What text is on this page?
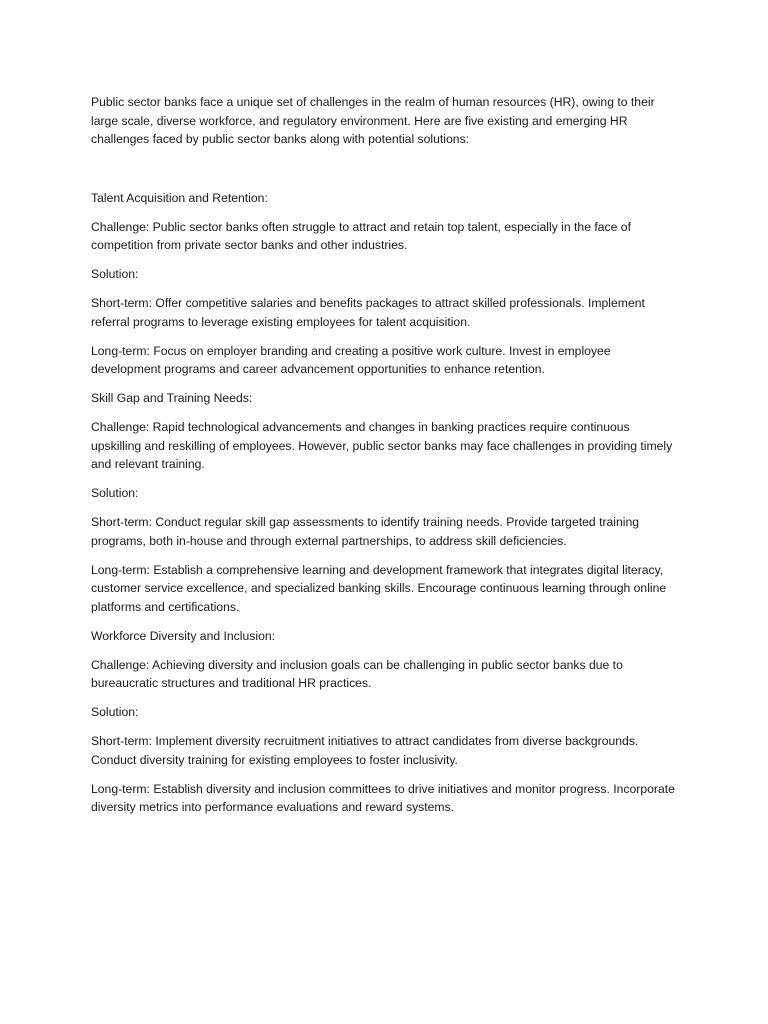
Public sector banks face a unique set of challenges in the realm of human resources (HR), owing to their large scale, diverse workforce, and regulatory environment. Here are five existing and emerging HR challenges faced by public sector banks along with potential solutions:

Talent Acquisition and Retention:

Challenge: Public sector banks often struggle to attract and retain top talent, especially in the face of competition from private sector banks and other industries.

Solution:

Short-term: Offer competitive salaries and benefits packages to attract skilled professionals. Implement referral programs to leverage existing employees for talent acquisition.

Long-term: Focus on employer branding and creating a positive work culture. Invest in employee development programs and career advancement opportunities to enhance retention.

Skill Gap and Training Needs:

Challenge: Rapid technological advancements and changes in banking practices require continuous upskilling and reskilling of employees. However, public sector banks may face challenges in providing timely and relevant training.

Solution:

Short-term: Conduct regular skill gap assessments to identify training needs. Provide targeted training programs, both in-house and through external partnerships, to address skill deficiencies.

Long-term: Establish a comprehensive learning and development framework that integrates digital literacy, customer service excellence, and specialized banking skills. Encourage continuous learning through online platforms and certifications.

Workforce Diversity and Inclusion:

Challenge: Achieving diversity and inclusion goals can be challenging in public sector banks due to bureaucratic structures and traditional HR practices.

Solution:

Short-term: Implement diversity recruitment initiatives to attract candidates from diverse backgrounds. Conduct diversity training for existing employees to foster inclusivity.

Long-term: Establish diversity and inclusion committees to drive initiatives and monitor progress. Incorporate diversity metrics into performance evaluations and reward systems.
